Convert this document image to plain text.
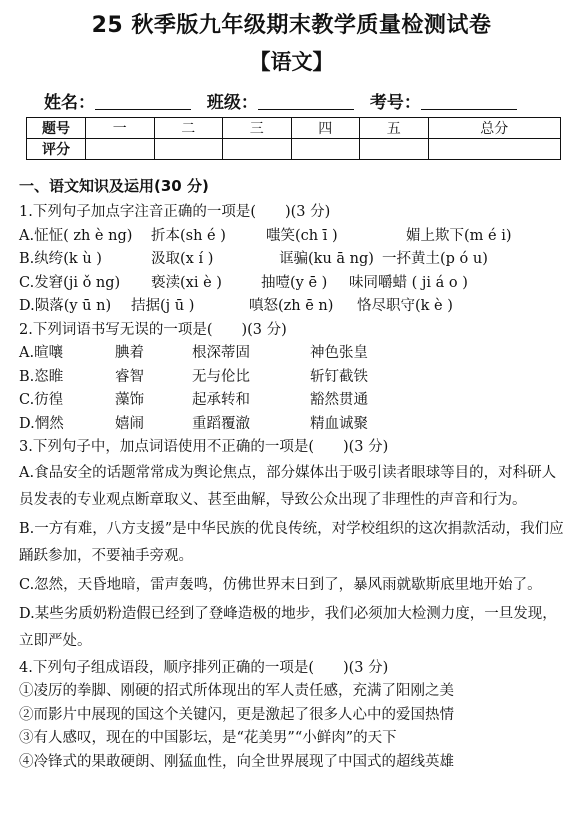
25 秋季版九年级期末教学质量检测试卷
【语文】
姓名：	班级：	考号：
题号	一	二	三	四	五	总分
评分						
一、语文知识及运用(30 分)
1.下列句子加点字注音正确的一项是(　　)(3 分)
A.怔怔( zh è ng)	折本(sh é )	嗤笑(ch ī )	媚上欺下(m é i)
B.纨绔(k ù )	汲取(x í )	诓骗(ku ā ng) 一抔黄土(p ó u)
C.发窘(ji ǒ ng)	亵渎(xi è )	抽噎(y ē )	味同嚼蜡 ( ji á o )
D.陨落(y ū n)	拮据(j ū )	嗔怒(zh ē n)	恪尽职守(k è )
2.下列词语书写无误的一项是(　　)(3 分)
A.暄嚷	腆着	根深蒂固	神色张皇
B.恣睢	睿智	无与伦比	斩钉截铁
C.彷徨	藻饰	起承转和	豁然贯通
D.惘然	嬉闹	重蹈覆澈	精血诚聚
3.下列句子中，加点词语使用不正确的一项是(　　)(3 分)

A.食品安全的话题常常成为舆论焦点，部分媒体出于吸引读者眼球等目的，对科研人员发表的专业观点断章取义、甚至曲解，导致公众出现了非理性的声音和行为。

B.一方有难，八方支援”是中华民族的优良传统，对学校组织的这次捐款活动，我们应踊跃参加，不要袖手旁观。

C.忽然，天昏地暗，雷声轰鸣，仿佛世界末日到了，暴风雨就歇斯底里地开始了。

D.某些劣质奶粉造假已经到了登峰造极的地步，我们必须加大检测力度，一旦发现，立即严处。

4.下列句子组成语段，顺序排列正确的一项是(　　)(3 分)
①凌厉的拳脚、刚硬的招式所体现出的军人责任感，充满了阳刚之美
②而影片中展现的国这个关键闪，更是激起了很多人心中的爱国热情
③有人感叹，现在的中国影坛，是“花美男”“小鲜肉”的天下
④冷锋式的果敢硬朗、刚猛血性，向全世界展现了中国式的超线英雄
